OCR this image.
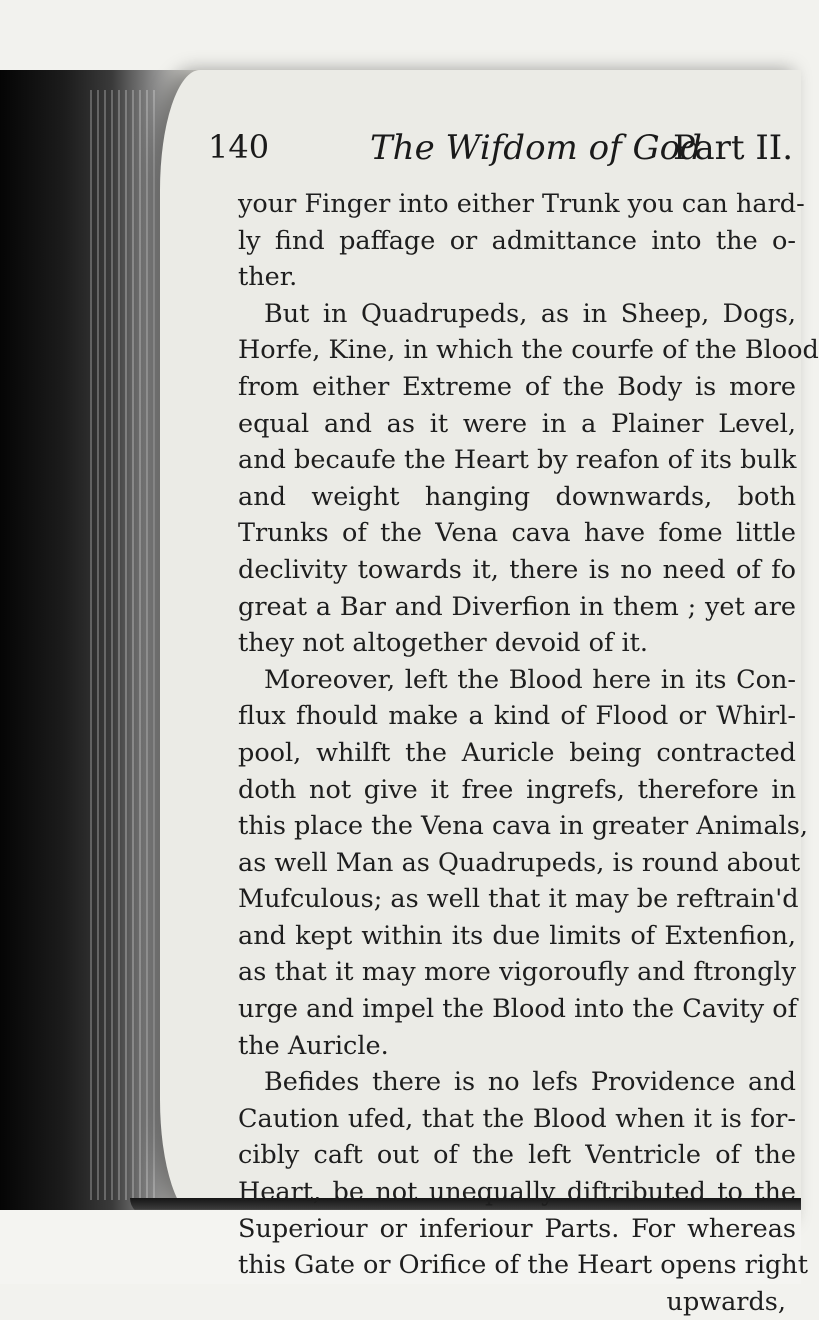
140	The Wifdom of God
Part II.
your Finger into either Trunk you can hard-
ly find paffage or admittance into the o-
ther.
But in Quadrupeds, as in Sheep, Dogs,
Horfe, Kine, in which the courfe of the Blood
from either Extreme of the Body is more
equal and as it were in a Plainer Level,
and becaufe the Heart by reafon of its bulk
and weight hanging downwards, both
Trunks of the Vena cava have fome little
declivity towards it, there is no need of fo
great a Bar and Diverfion in them ; yet are
they not altogether devoid of it.
Moreover, left the Blood here in its Con-
flux fhould make a kind of Flood or Whirl-
pool, whilft the Auricle being contracted
doth not give it free ingrefs, therefore in
this place the Vena cava in greater Animals,
as well Man as Quadrupeds, is round about
Mufculous; as well that it may be reftrain'd
and kept within its due limits of Extenfion,
as that it may more vigoroufly and ftrongly
urge and impel the Blood into the Cavity of
the Auricle.
Befides there is no lefs Providence and
Caution ufed, that the Blood when it is for-
cibly caft out of the left Ventricle of the
Heart, be not unequally diftributed to the
Superiour or inferiour Parts. For whereas
this Gate or Orifice of the Heart opens right
upwards,
